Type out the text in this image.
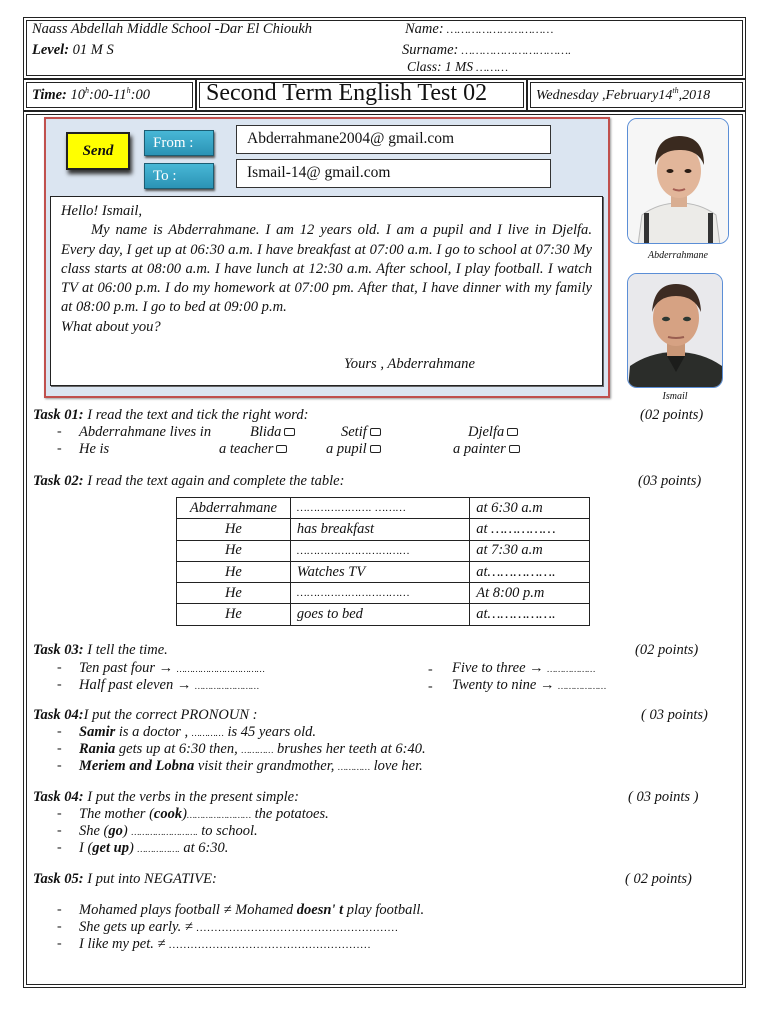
Naass Abdellah Middle School -Dar El Chioukh
Level: 01 M S
Name: …………………………
Surname: ………………………….
Class: 1 MS ………
Time: 10$^h$:00-11$^h$:00 Second Term English Test 02	Wednesday ,February14th,2018
Send	From :
To :
Abderrahmane2004@ gmail.com
Ismail-14@ gmail.com
Hello! Ismail,
My name is Abderrahmane. I am 12 years old. I am a pupil and I live in Djelfa. Every day, I get up at 06:30 a.m. I have breakfast at 07:00 a.m. I go to school at 07:30 My class starts at 08:00 a.m. I have lunch at 12:30 a.m. After school, I play football. I watch TV at 06:00 p.m. I do my homework at 07:00 pm. After that, I have dinner with my family at 08:00 p.m. I go to bed at 09:00 p.m.
What about you?
Yours , Abderrahmane
Abderrahmane
Ismail
Task 01: I read the text and tick the right word:	(02 points)
- Abderrahmane lives in	Blida	Setif	Djelfa
- He is	a teacher	a pupil	a painter
Task 02: I read the text again and complete the table:	(03 points)
Abderrahmane	…………………. ………	at 6:30 a.m
He	has breakfast	at ……………
He	……………………………	at 7:30 a.m
He	Watches TV	at…………….
He	……………………………	At 8:00 p.m
He	goes to bed	at…………….
Task 03: I tell the time.	(02 points)
- Ten past four → ……………………………
- Half past eleven → ……………………
- Five to three → ………………
- Twenty to nine → ………………
Task 04:I put the correct PRONOUN :	( 03 points)
- Samir is a doctor , ………… is 45 years old.
- Rania gets up at 6:30 then, ………… brushes her teeth at 6:40.
- Meriem and Lobna visit their grandmother, ………… love her.
Task 04: I put the verbs in the present simple:	( 03 points )
- The mother (cook)…………………… the potatoes.
- She (go) ……………………. to school.
- I (get up) ……………. at 6:30.
Task 05: I put into NEGATIVE:	( 02 points)
- Mohamed plays football ≠ Mohamed doesn' t play football.
- She gets up early. ≠ ……………………..…..……………………
- I like my pet. ≠ ……………………..…..……………………
